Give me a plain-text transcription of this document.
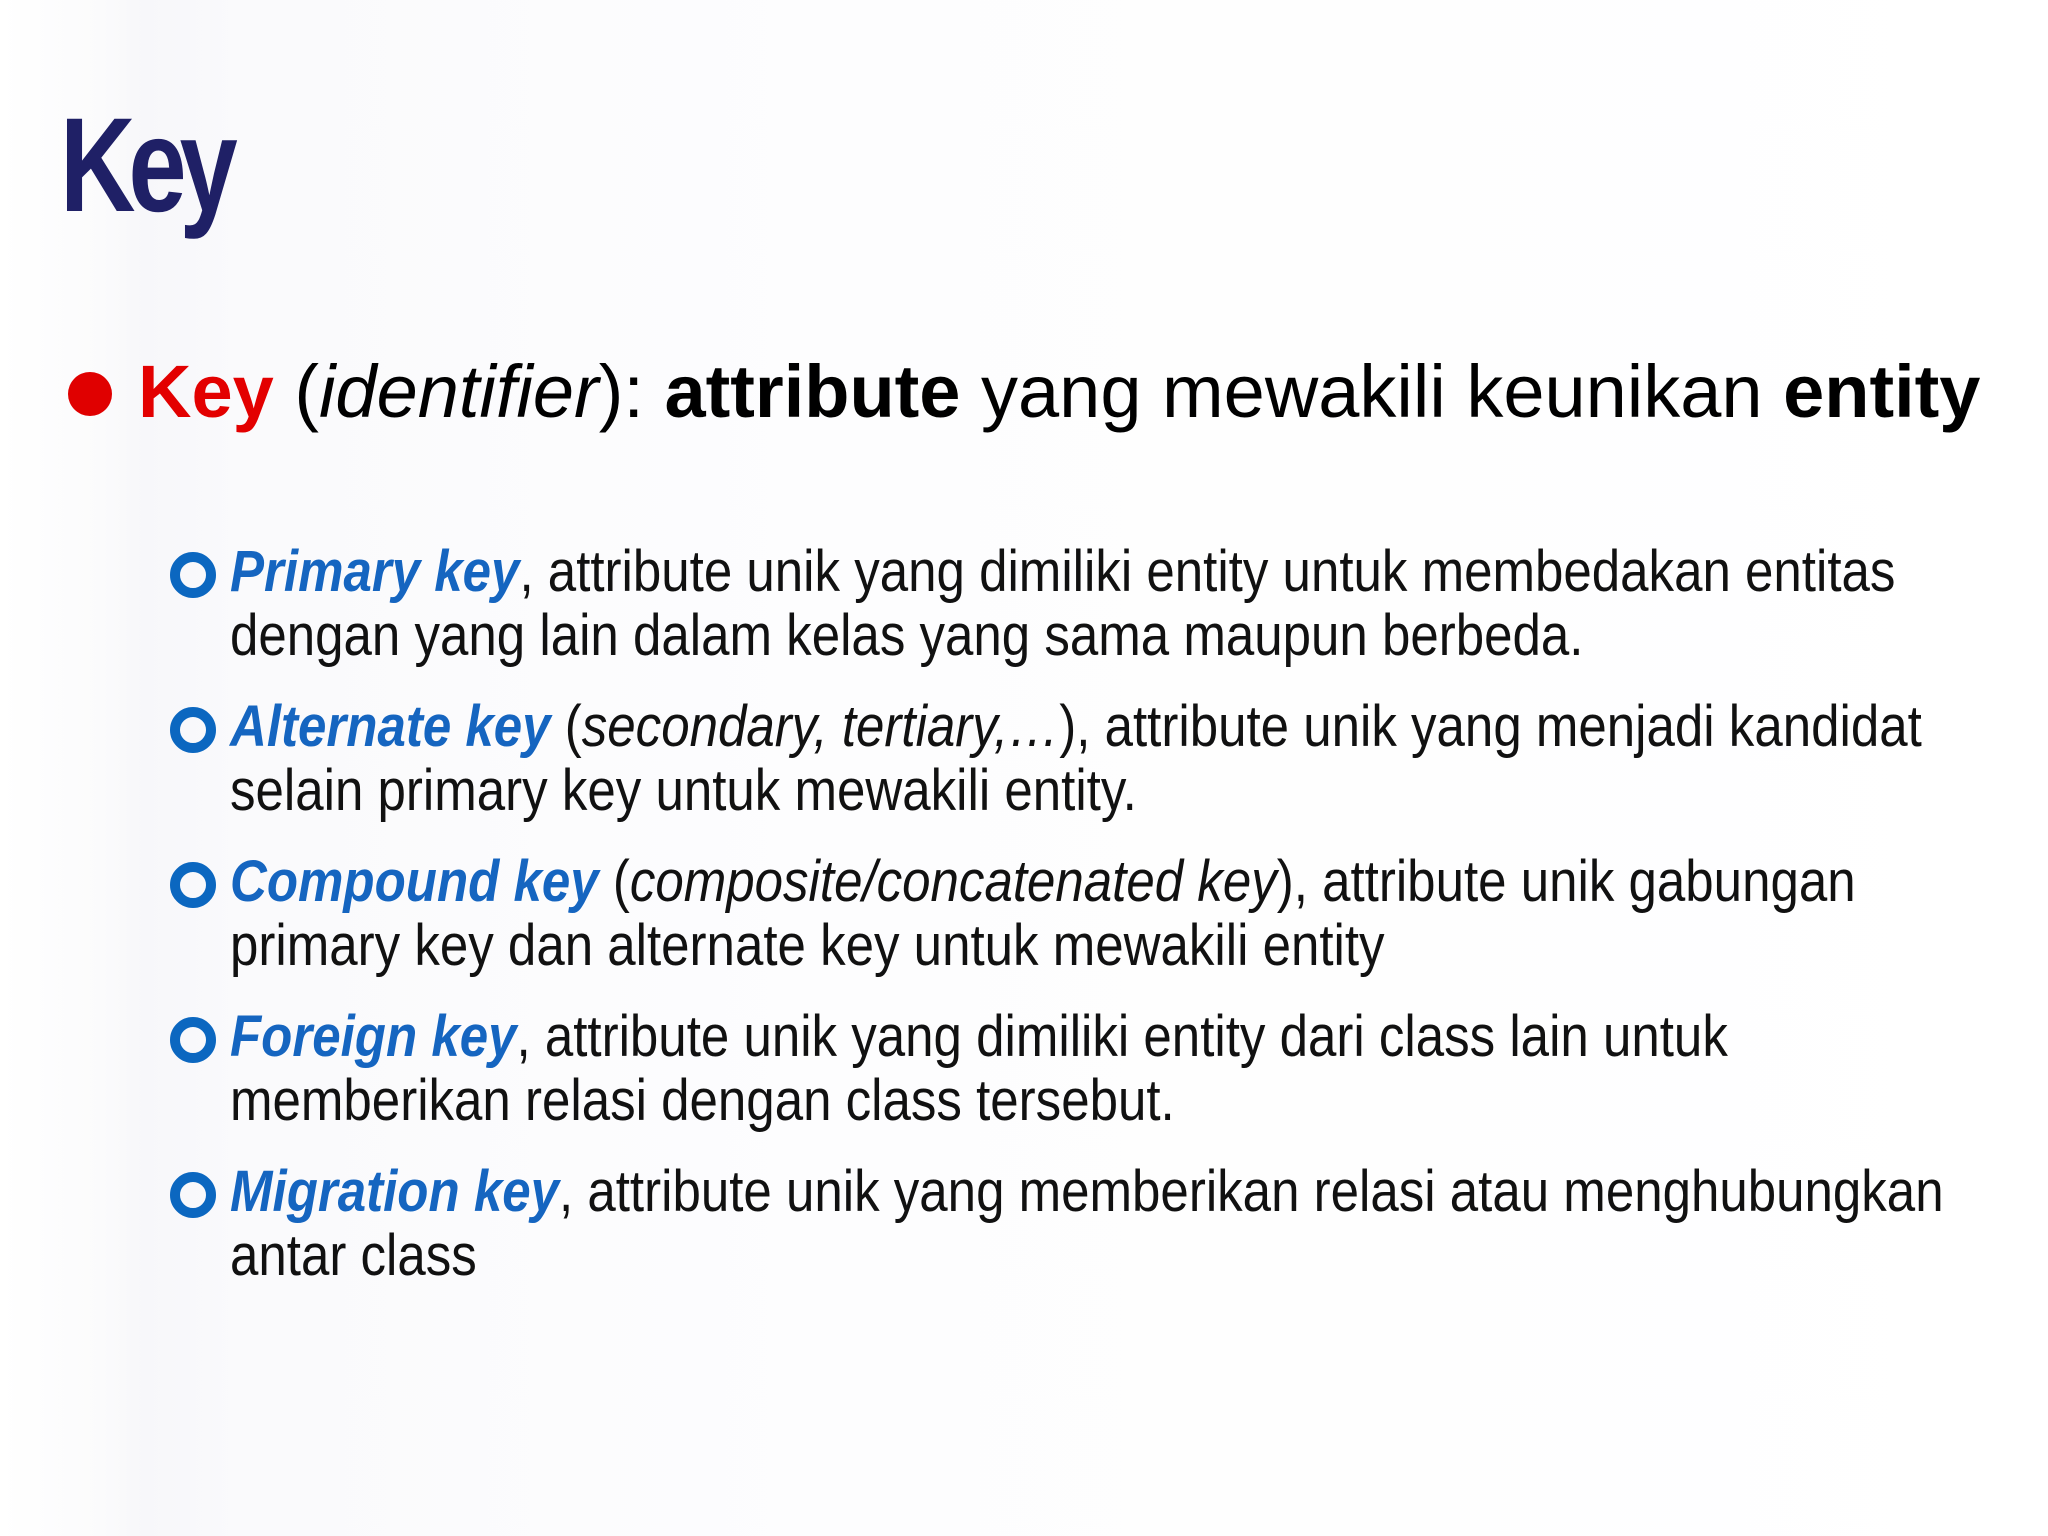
Key
Key (identifier): attribute yang mewakili keunikan entity
Primary key, attribute unik yang dimiliki entity untuk membedakan entitas dengan yang lain dalam kelas yang sama maupun berbeda.
Alternate key (secondary, tertiary,…), attribute unik yang menjadi kandidat selain primary key untuk mewakili entity.
Compound key (composite/concatenated key), attribute unik gabungan primary key dan alternate key untuk mewakili entity
Foreign key, attribute unik yang dimiliki entity dari class lain untuk memberikan relasi dengan class tersebut.
Migration key, attribute unik yang memberikan relasi atau menghubungkan antar class
